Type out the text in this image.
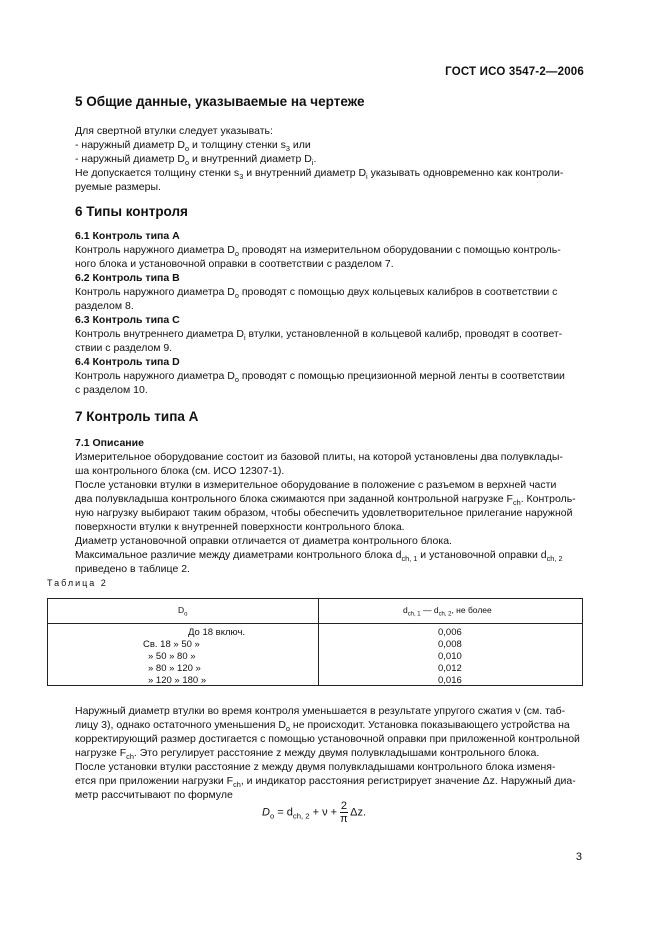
ГОСТ ИСО 3547-2—2006
5 Общие данные, указываемые на чертеже
Для свертной втулки следует указывать:
- наружный диаметр $D_o$ и толщину стенки $s_3$ или
- наружный диаметр $D_o$ и внутренний диаметр $D_i$.
Не допускается толщину стенки $s_3$ и внутренний диаметр $D_i$ указывать одновременно как контроли-
руемые размеры.
6 Типы контроля
6.1 Контроль типа А
Контроль наружного диаметра $D_o$ проводят на измерительном оборудовании с помощью контроль-
ного блока и установочной оправки в соответствии с разделом 7.
6.2 Контроль типа В
Контроль наружного диаметра $D_o$ проводят с помощью двух кольцевых калибров в соответствии с
разделом 8.
6.3 Контроль типа С
Контроль внутреннего диаметра $D_i$ втулки, установленной в кольцевой калибр, проводят в соответ-
ствии с разделом 9.
6.4 Контроль типа D
Контроль наружного диаметра $D_o$ проводят с помощью прецизионной мерной ленты в соответствии
с разделом 10.
7 Контроль типа А
7.1 Описание
Измерительное оборудование состоит из базовой плиты, на которой установлены два полувклады-
ша контрольного блока (см. ИСО 12307-1).
После установки втулки в измерительное оборудование в положение с разъемом в верхней части
два полувкладыша контрольного блока сжимаются при заданной контрольной нагрузке $F_{ch}$. Контроль-
ную нагрузку выбирают таким образом, чтобы обеспечить удовлетворительное прилегание наружной
поверхности втулки к внутренней поверхности контрольного блока.
Диаметр установочной оправки отличается от диаметра контрольного блока.
Максимальное различие между диаметрами контрольного блока $d_{ch, 1}$ и установочной оправки $d_{ch, 2}$
приведено в таблице 2.
Таблица 2
$D_o$	$d_{ch, 1}$ — $d_{ch, 2}$, не более
До 18 включ.	0,006
Св. 18 » 50 »	0,008
» 50 » 80 »	0,010
» 80 » 120 »	0,012
» 120 » 180 »	0,016
Наружный диаметр втулки во время контроля уменьшается в результате упругого сжатия ν (см. таб-
лицу 3), однако остаточного уменьшения $D_o$ не происходит. Установка показывающего устройства на
корректирующий размер достигается с помощью установочной оправки при приложенной контрольной
нагрузке $F_{ch}$. Это регулирует расстояние z между двумя полувкладышами контрольного блока.
После установки втулки расстояние z между двумя полувкладышами контрольного блока изменя-
ется при приложении нагрузки $F_{ch}$, и индикатор расстояния регистрирует значение Δz. Наружный диа-
метр рассчитывают по формуле
$D_o = d_{ch, 2} + \nu + \frac{2}{\pi} \Delta z$.
3
